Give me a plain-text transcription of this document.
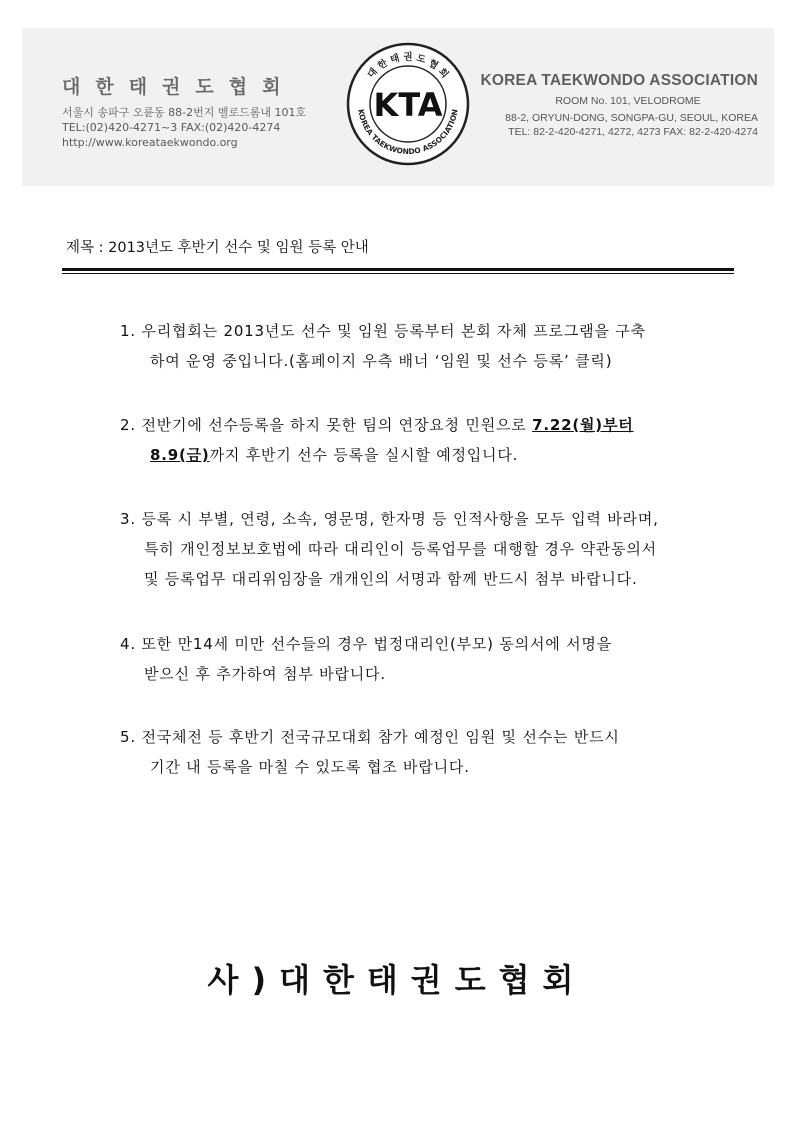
대한태권도협회
서울시 송파구 오륜동 88-2번지 벨로드롬내 101호
TEL:(02)420-4271~3 FAX:(02)420-4274
http://www.koreataekwondo.org
대 한 태 권 도 협 회
KOREA TAEKWONDO ASSOCIATION
KTA
KOREA TAEKWONDO ASSOCIATION
ROOM No. 101, VELODROME
88-2, ORYUN-DONG, SONGPA-GU, SEOUL, KOREA
TEL: 82-2-420-4271, 4272, 4273 FAX: 82-2-420-4274
제목 : 2013년도 후반기 선수 및 임원 등록 안내
1. 우리협회는 2013년도 선수 및 임원 등록부터 본회 자체 프로그램을 구축
하여 운영 중입니다.(홈페이지 우측 배너 ‘임원 및 선수 등록’ 클릭)
2. 전반기에 선수등록을 하지 못한 팀의 연장요청 민원으로 7.22(월)부터
8.9(금)까지 후반기 선수 등록을 실시할 예정입니다.
3. 등록 시 부별, 연령, 소속, 영문명, 한자명 등 인적사항을 모두 입력 바라며,
특히 개인정보보호법에 따라 대리인이 등록업무를 대행할 경우 약관동의서
및 등록업무 대리위임장을 개개인의 서명과 함께 반드시 첨부 바랍니다.
4. 또한 만14세 미만 선수들의 경우 법정대리인(부모) 동의서에 서명을
받으신 후 추가하여 첨부 바랍니다.
5. 전국체전 등 후반기 전국규모대회 참가 예정인 임원 및 선수는 반드시
기간 내 등록을 마칠 수 있도록 협조 바랍니다.
사)대한태권도협회
